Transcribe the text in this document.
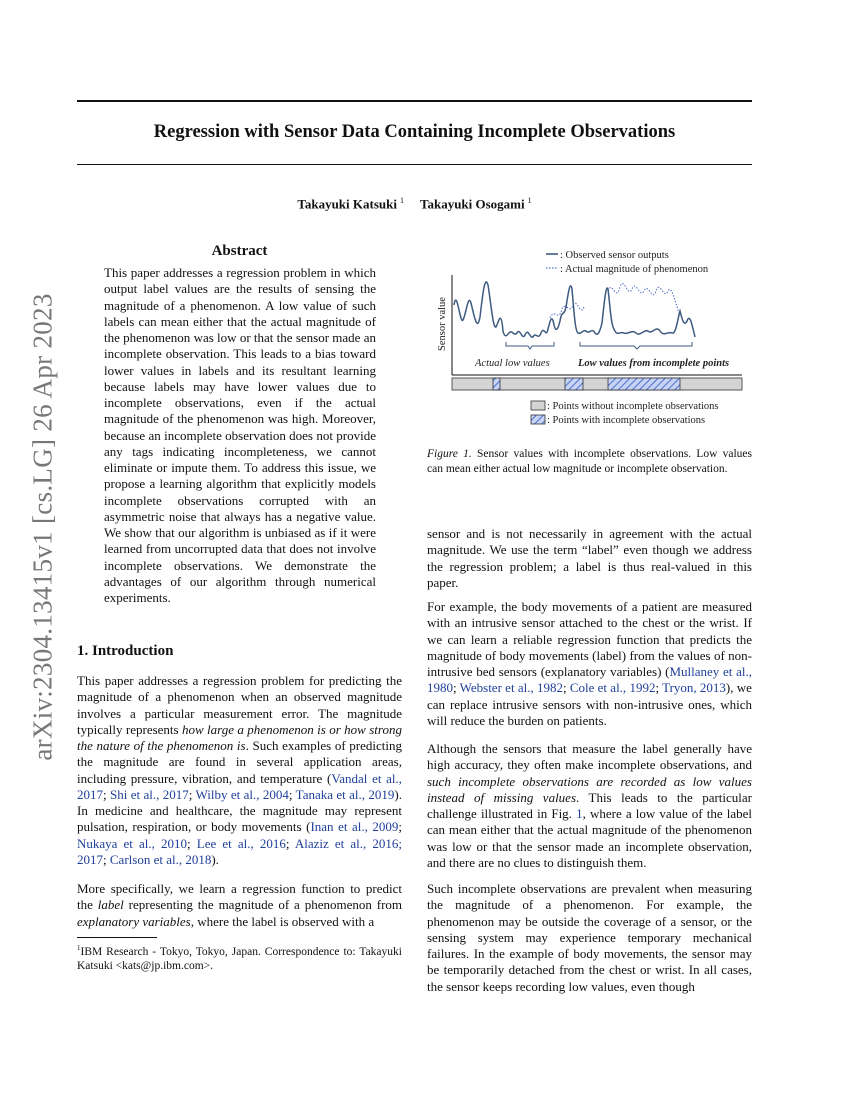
Regression with Sensor Data Containing Incomplete Observations
Takayuki Katsuki $^1$ Takayuki Osogami $^1$
arXiv:2304.13415v1 [cs.LG] 26 Apr 2023
Abstract
This paper addresses a regression problem in which output label values are the results of sensing the magnitude of a phenomenon. A low value of such labels can mean either that the actual magnitude of the phenomenon was low or that the sensor made an incomplete observation. This leads to a bias toward lower values in labels and its resultant learning because labels may have lower values due to incomplete observations, even if the actual magnitude of the phenomenon was high. Moreover, because an incomplete observation does not provide any tags indicating incompleteness, we cannot eliminate or impute them. To address this issue, we propose a learning algorithm that explicitly models incomplete observations corrupted with an asymmetric noise that always has a negative value. We show that our algorithm is unbiased as if it were learned from uncorrupted data that does not involve incomplete observations. We demonstrate the advantages of our algorithm through numerical experiments.
1. Introduction
This paper addresses a regression problem for predicting the magnitude of a phenomenon when an observed magnitude involves a particular measurement error. The magnitude typically represents how large a phenomenon is or how strong the nature of the phenomenon is. Such examples of predicting the magnitude are found in several application areas, including pressure, vibration, and temperature (Vandal et al., 2017; Shi et al., 2017; Wilby et al., 2004; Tanaka et al., 2019). In medicine and healthcare, the magnitude may represent pulsation, respiration, or body movements (Inan et al., 2009; Nukaya et al., 2010; Lee et al., 2016; Alaziz et al., 2016; 2017; Carlson et al., 2018).
More specifically, we learn a regression function to predict the label representing the magnitude of a phenomenon from explanatory variables, where the label is observed with a
$^1$IBM Research - Tokyo, Tokyo, Japan. Correspondence to: Takayuki Katsuki <kats@jp.ibm.com>.
: Observed sensor outputs
: Actual magnitude of phenomenon
Sensor value
Actual low values	Low values from incomplete points
: Points without incomplete observations
: Points with incomplete observations
Figure 1. Sensor values with incomplete observations. Low values can mean either actual low magnitude or incomplete observation.
sensor and is not necessarily in agreement with the actual magnitude. We use the term “label” even though we address the regression problem; a label is thus real-valued in this paper.
For example, the body movements of a patient are measured with an intrusive sensor attached to the chest or the wrist. If we can learn a reliable regression function that predicts the magnitude of body movements (label) from the values of non-intrusive bed sensors (explanatory variables) (Mullaney et al., 1980; Webster et al., 1982; Cole et al., 1992; Tryon, 2013), we can replace intrusive sensors with non-intrusive ones, which will reduce the burden on patients.
Although the sensors that measure the label generally have high accuracy, they often make incomplete observations, and such incomplete observations are recorded as low values instead of missing values. This leads to the particular challenge illustrated in Fig. 1, where a low value of the label can mean either that the actual magnitude of the phenomenon was low or that the sensor made an incomplete observation, and there are no clues to distinguish them.
Such incomplete observations are prevalent when measuring the magnitude of a phenomenon. For example, the phenomenon may be outside the coverage of a sensor, or the sensing system may experience temporary mechanical failures. In the example of body movements, the sensor may be temporarily detached from the chest or wrist. In all cases, the sensor keeps recording low values, even though
